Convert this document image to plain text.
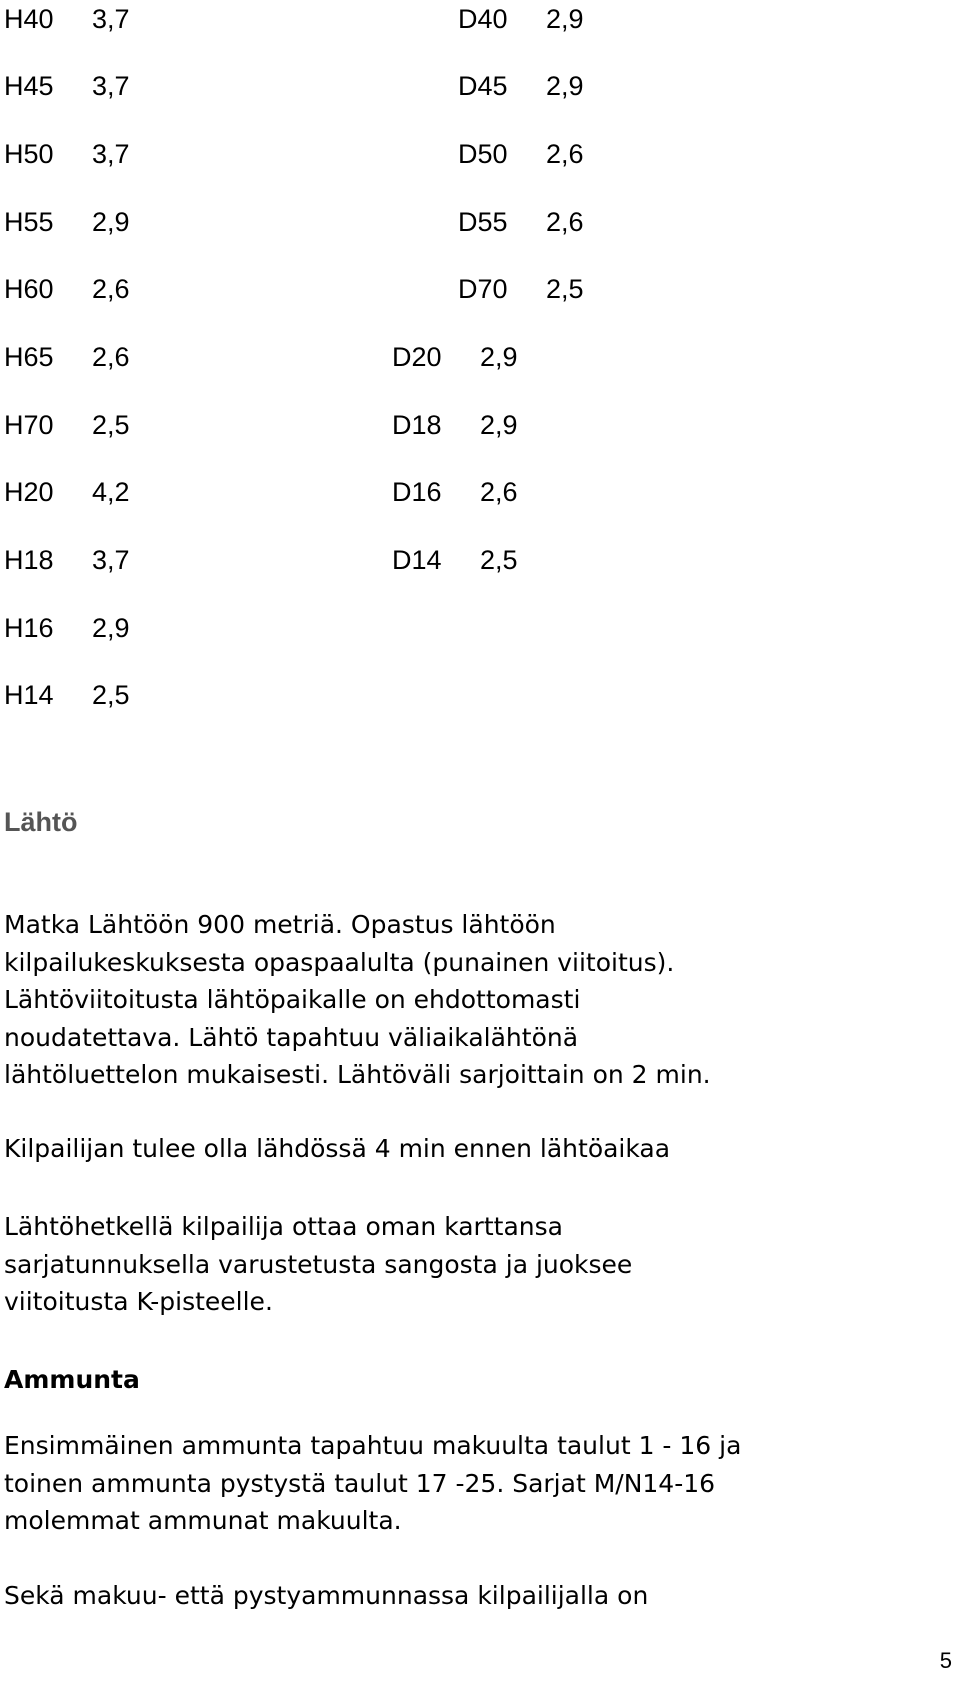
H40 3,7

H45 3,7

H50 3,7

H55 2,9

H60 2,6

H65 2,6

H70 2,5

H20 4,2

H18 3,7

H16 2,9

H14 2,5

D40 2,9

D45 2,9

D50 2,6

D55 2,6

D70 2,5

D20 2,9

D18 2,9

D16 2,6

D14 2,5

Lähtö

Matka Lähtöön 900 metriä. Opastus lähtöön

kilpailukeskuksesta opaspaalulta (punainen viitoitus).

Lähtöviitoitusta lähtöpaikalle on ehdottomasti

noudatettava. Lähtö tapahtuu väliaikalähtönä

lähtöluettelon mukaisesti. Lähtöväli sarjoittain on 2 min.

Kilpailijan tulee olla lähdössä 4 min ennen lähtöaikaa

Lähtöhetkellä kilpailija ottaa oman karttansa

sarjatunnuksella varustetusta sangosta ja juoksee

viitoitusta K-pisteelle.

Ammunta

Ensimmäinen ammunta tapahtuu makuulta taulut 1 - 16 ja

toinen ammunta pystystä taulut 17 -25. Sarjat M/N14-16

molemmat ammunat makuulta.

Sekä makuu- että pystyammunnassa kilpailijalla on

5
